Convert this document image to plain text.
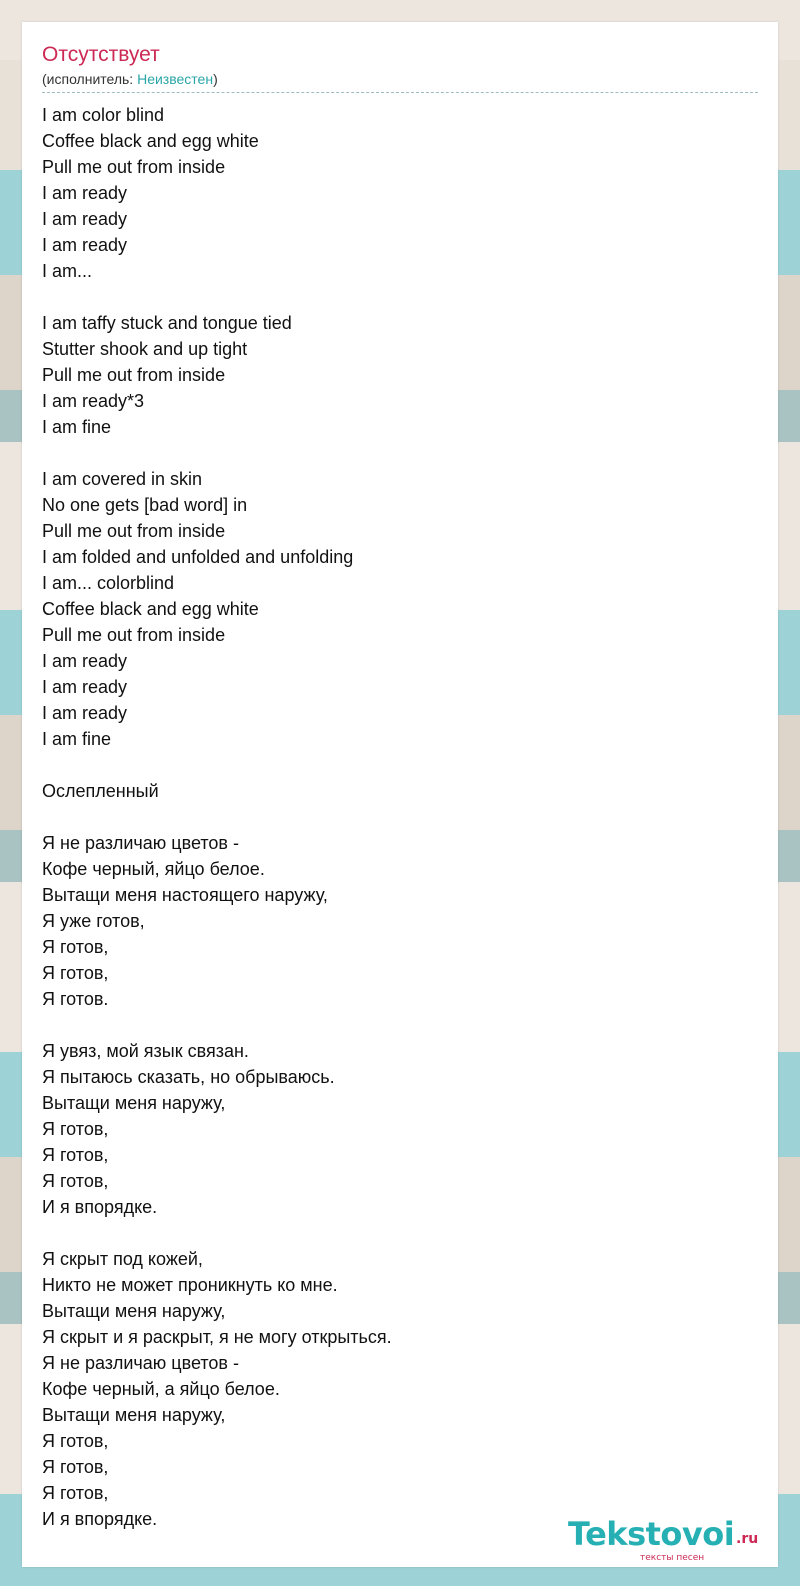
Отсутствует
(исполнитель: Неизвестен)
I am color blind
Coffee black and egg white
Pull me out from inside
I am ready
I am ready
I am ready
I am...
I am taffy stuck and tongue tied
Stutter shook and up tight
Pull me out from inside
I am ready*3
I am fine
I am covered in skin
No one gets [bad word] in
Pull me out from inside
I am folded and unfolded and unfolding
I am... colorblind
Coffee black and egg white
Pull me out from inside
I am ready
I am ready
I am ready
I am fine
Ослепленный
Я не различаю цветов -
Кофе черный, яйцо белое.
Вытащи меня настоящего наружу,
Я уже готов,
Я готов,
Я готов,
Я готов.
Я увяз, мой язык связан.
Я пытаюсь сказать, но обрываюсь.
Вытащи меня наружу,
Я готов,
Я готов,
Я готов,
И я впорядке.
Я скрыт под кожей,
Никто не может проникнуть ко мне.
Вытащи меня наружу,
Я скрыт и я раскрыт, я не могу открыться.
Я не различаю цветов -
Кофе черный, а яйцо белое.
Вытащи меня наружу,
Я готов,
Я готов,
Я готов,
И я впорядке.	Tekstovoi .ru
тексты песен
